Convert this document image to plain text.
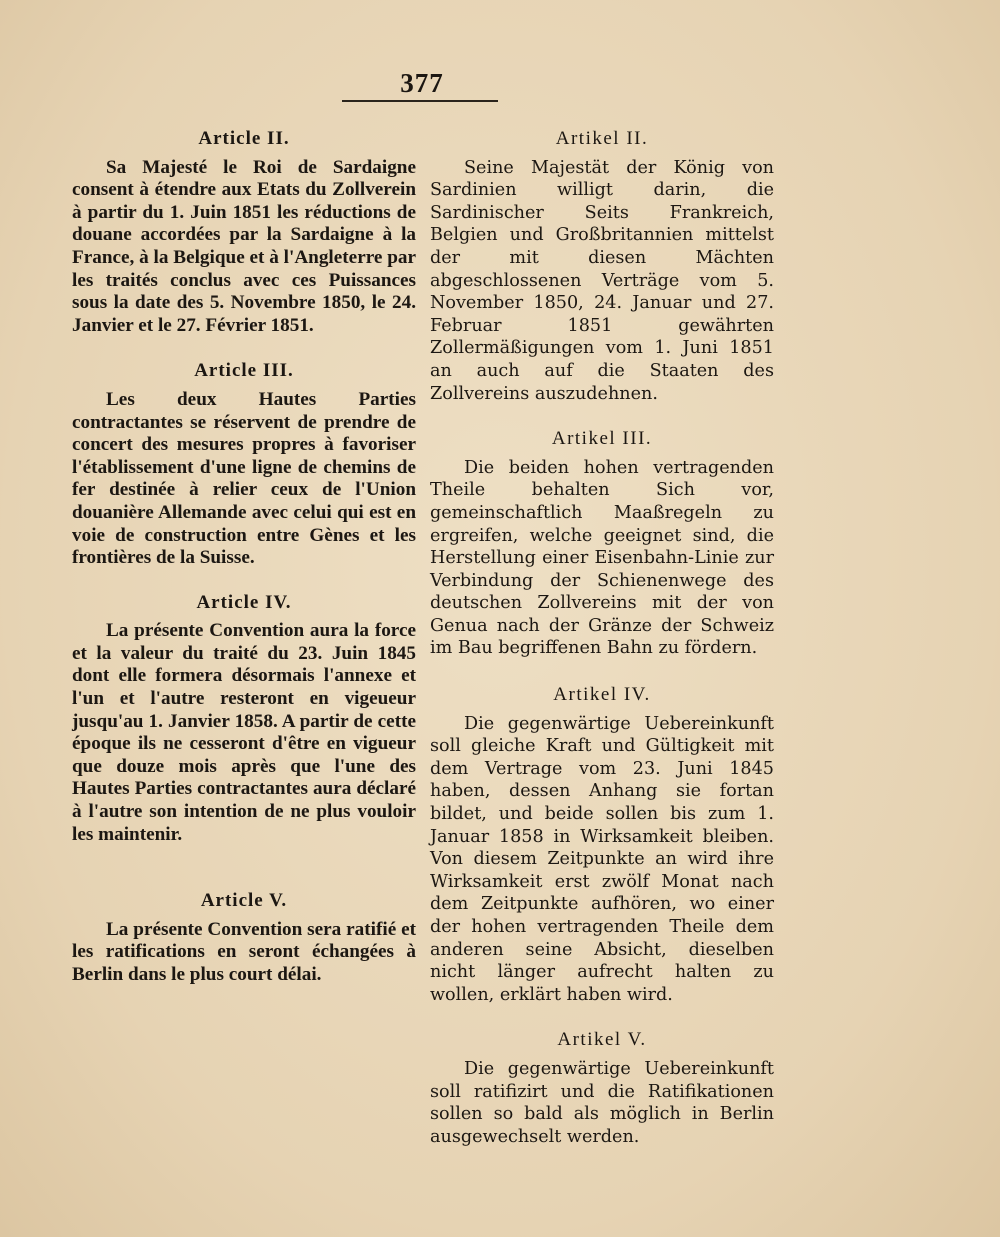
377
Article II.

Sa Majesté le Roi de Sardaigne consent à étendre aux Etats du Zollverein à partir du 1. Juin 1851 les réductions de douane accordées par la Sardaigne à la France, à la Belgique et à l'Angleterre par les traités conclus avec ces Puissances sous la date des 5. Novembre 1850, le 24. Janvier et le 27. Février 1851.

Article III.

Les deux Hautes Parties contractantes se réservent de prendre de concert des mesures propres à favoriser l'établissement d'une ligne de chemins de fer destinée à relier ceux de l'Union douanière Allemande avec celui qui est en voie de construction entre Gènes et les frontières de la Suisse.

Article IV.

La présente Convention aura la force et la valeur du traité du 23. Juin 1845 dont elle formera désormais l'annexe et l'un et l'autre resteront en vigeueur jusqu'au 1. Janvier 1858. A partir de cette époque ils ne cesseront d'être en vigueur que douze mois après que l'une des Hautes Parties contractantes aura déclaré à l'autre son intention de ne plus vouloir les maintenir.

Article V.

La présente Convention sera ratifié et les ratifications en seront échangées à Berlin dans le plus court délai.

Artikel II.

Seine Majestät der König von Sardinien willigt darin, die Sardinischer Seits Frankreich, Belgien und Großbritannien mittelst der mit diesen Mächten abgeschlossenen Verträge vom 5. November 1850, 24. Januar und 27. Februar 1851 gewährten Zollermäßigungen vom 1. Juni 1851 an auch auf die Staaten des Zollvereins auszudehnen.

Artikel III.

Die beiden hohen vertragenden Theile behalten Sich vor, gemeinschaftlich Maaßregeln zu ergreifen, welche geeignet sind, die Herstellung einer Eisenbahn-Linie zur Verbindung der Schienenwege des deutschen Zollvereins mit der von Genua nach der Gränze der Schweiz im Bau begriffenen Bahn zu fördern.

Artikel IV.

Die gegenwärtige Uebereinkunft soll gleiche Kraft und Gültigkeit mit dem Vertrage vom 23. Juni 1845 haben, dessen Anhang sie fortan bildet, und beide sollen bis zum 1. Januar 1858 in Wirksamkeit bleiben. Von diesem Zeitpunkte an wird ihre Wirksamkeit erst zwölf Monat nach dem Zeitpunkte aufhören, wo einer der hohen vertragenden Theile dem anderen seine Absicht, dieselben nicht länger aufrecht halten zu wollen, erklärt haben wird.

Artikel V.

Die gegenwärtige Uebereinkunft soll ratifizirt und die Ratifikationen sollen so bald als möglich in Berlin ausgewechselt werden.
